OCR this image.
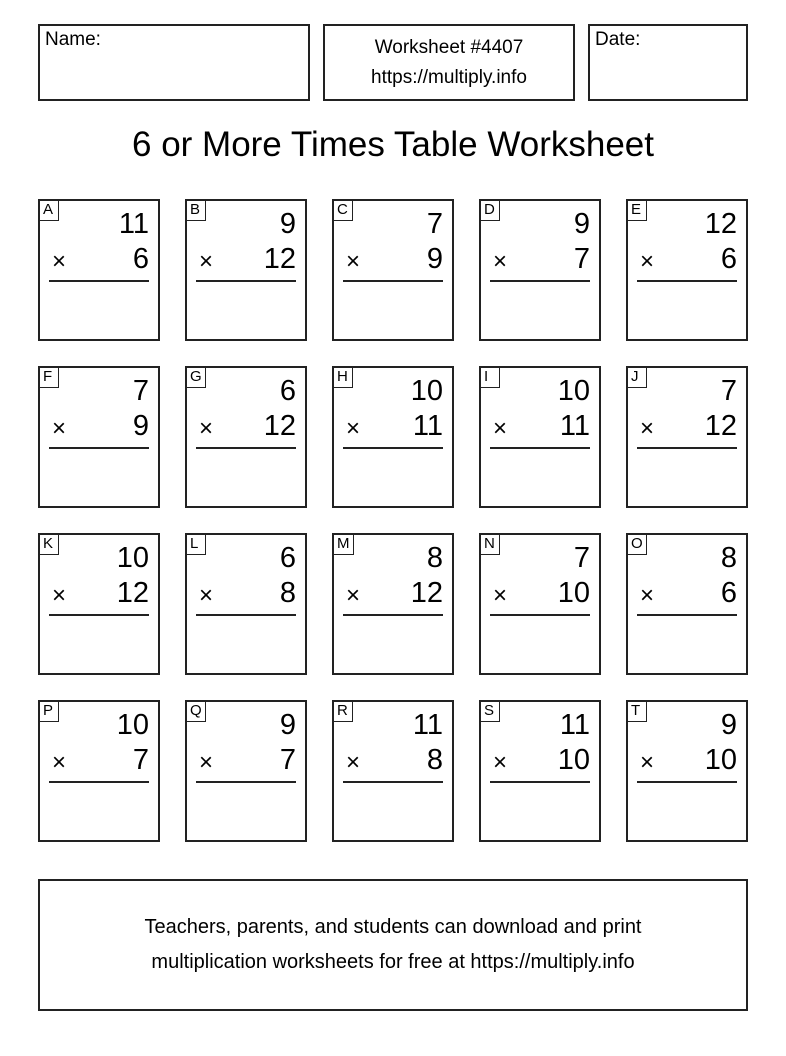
Name:	Worksheet #4407
https://multiply.info
Date:
6 or More Times Table Worksheet
A 11
× 6
B	9
× 12
C	7
× 9
D	9
× 7
E 12
× 6
F	7
× 9
G	6
× 12
H 10
× 11
I	10
× 11
J	7
× 12
K 10
× 12
L	6
× 8
M	8
× 12
N	7
× 10
O	8
× 6
P 10
× 7
Q	9
× 7
R 11
× 8
S 11
× 10
T	9
× 10
Teachers, parents, and students can download and print
multiplication worksheets for free at https://multiply.info
